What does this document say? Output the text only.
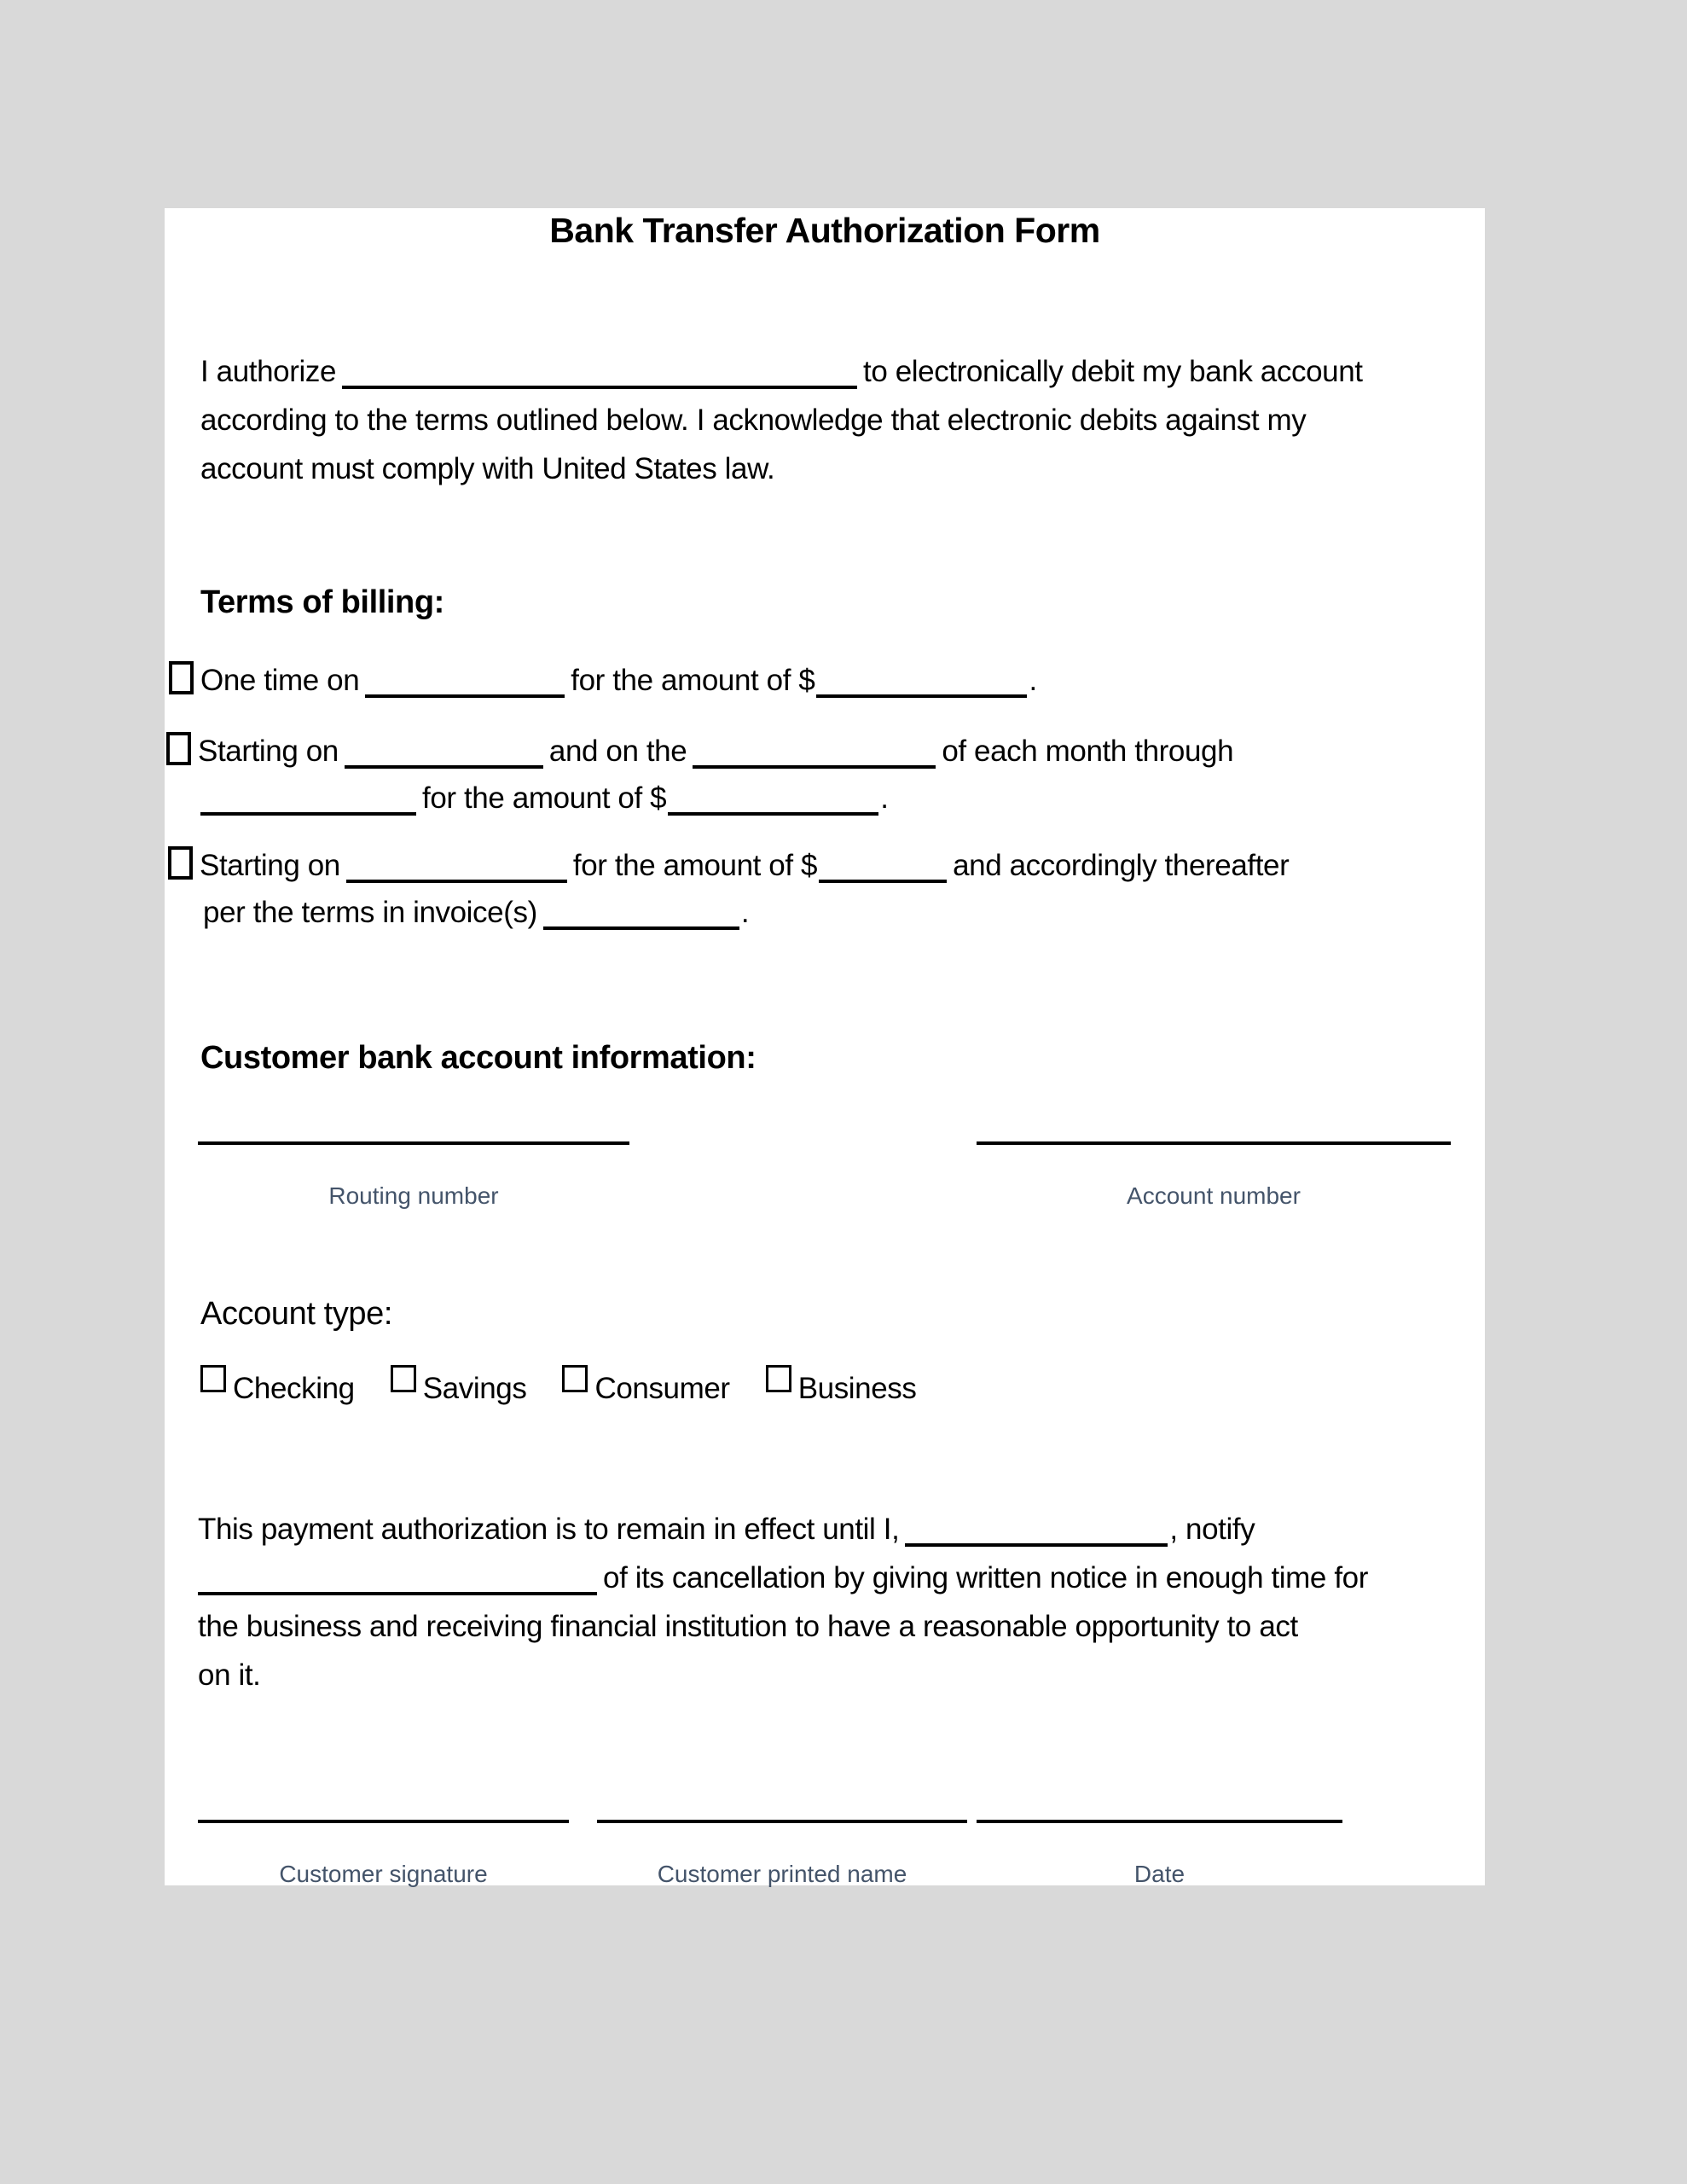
Bank Transfer Authorization Form
I authorize	to electronically debit my bank account
according to the terms outlined below. I acknowledge that electronic debits against my
account must comply with United States law.
Terms of billing:
One time on	for the amount of $	.
Starting on	and on the	of each month through
for the amount of $	.
Starting on	for the amount of $	and accordingly thereafter
per the terms in invoice(s)	.
Customer bank account information:
Routing number	Account number
Account type:
Checking	Savings	Consumer	Business
This payment authorization is to remain in effect until I,	, notify
of its cancellation by giving written notice in enough time for
the business and receiving financial institution to have a reasonable opportunity to act
on it.
Customer signature	Customer printed name	Date
